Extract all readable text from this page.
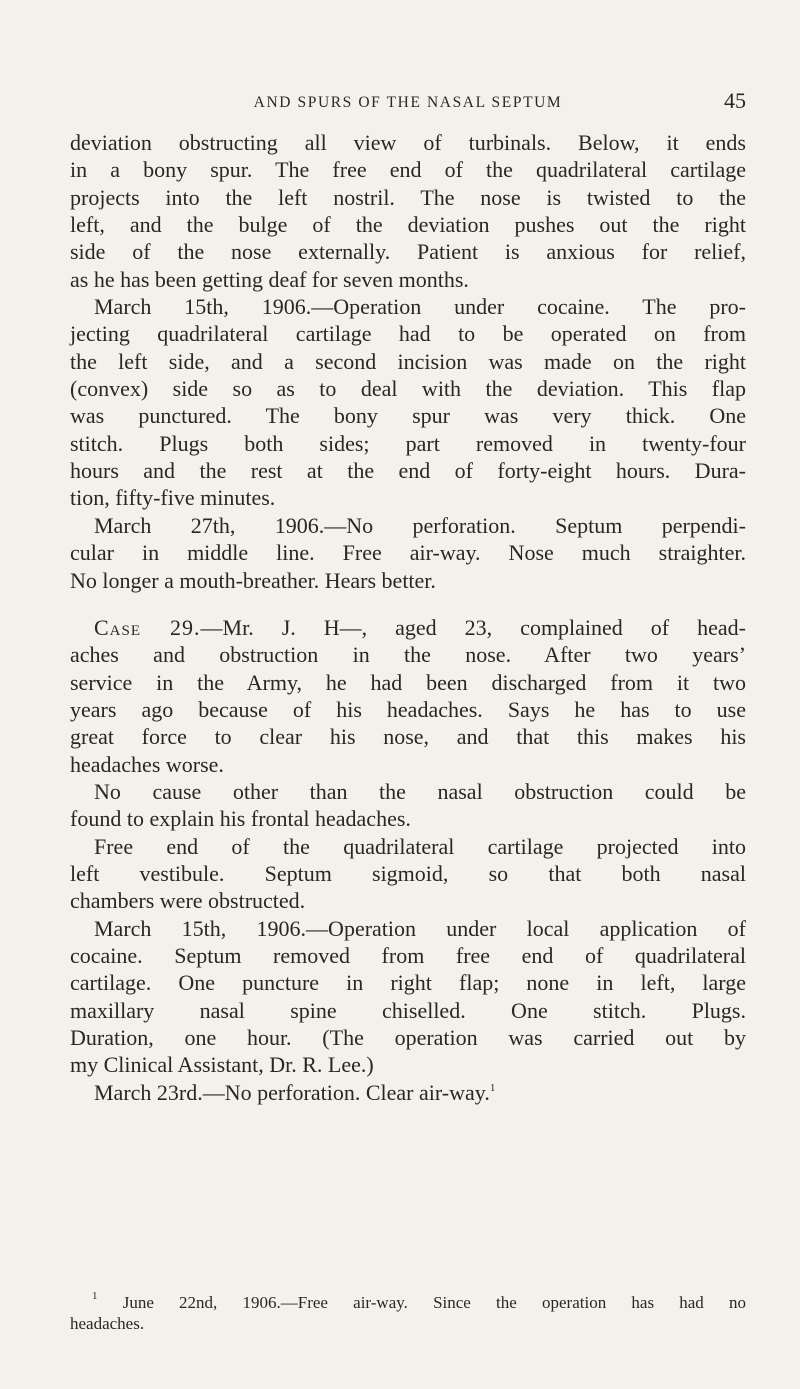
AND SPURS OF THE NASAL SEPTUM	45
deviation obstructing all view of turbinals. Below, it ends
in a bony spur. The free end of the quadrilateral cartilage
projects into the left nostril. The nose is twisted to the
left, and the bulge of the deviation pushes out the right
side of the nose externally. Patient is anxious for relief,
as he has been getting deaf for seven months.
March 15th, 1906.—Operation under cocaine. The pro-
jecting quadrilateral cartilage had to be operated on from
the left side, and a second incision was made on the right
(convex) side so as to deal with the deviation. This flap
was punctured. The bony spur was very thick. One
stitch. Plugs both sides; part removed in twenty-four
hours and the rest at the end of forty-eight hours. Dura-
tion, fifty-five minutes.
March 27th, 1906.—No perforation. Septum perpendi-
cular in middle line. Free air-way. Nose much straighter.
No longer a mouth-breather. Hears better.
Case 29.—Mr. J. H—, aged 23, complained of head-
aches and obstruction in the nose. After two years’
service in the Army, he had been discharged from it two
years ago because of his headaches. Says he has to use
great force to clear his nose, and that this makes his
headaches worse.
No cause other than the nasal obstruction could be
found to explain his frontal headaches.
Free end of the quadrilateral cartilage projected into
left vestibule. Septum sigmoid, so that both nasal
chambers were obstructed.
March 15th, 1906.—Operation under local application of
cocaine. Septum removed from free end of quadrilateral
cartilage. One puncture in right flap; none in left, large
maxillary nasal spine chiselled. One stitch. Plugs.
Duration, one hour. (The operation was carried out by
my Clinical Assistant, Dr. R. Lee.)
March 23rd.—No perforation. Clear air-way.$^1$
$^1$ June 22nd, 1906.—Free air-way. Since the operation has had no
headaches.
